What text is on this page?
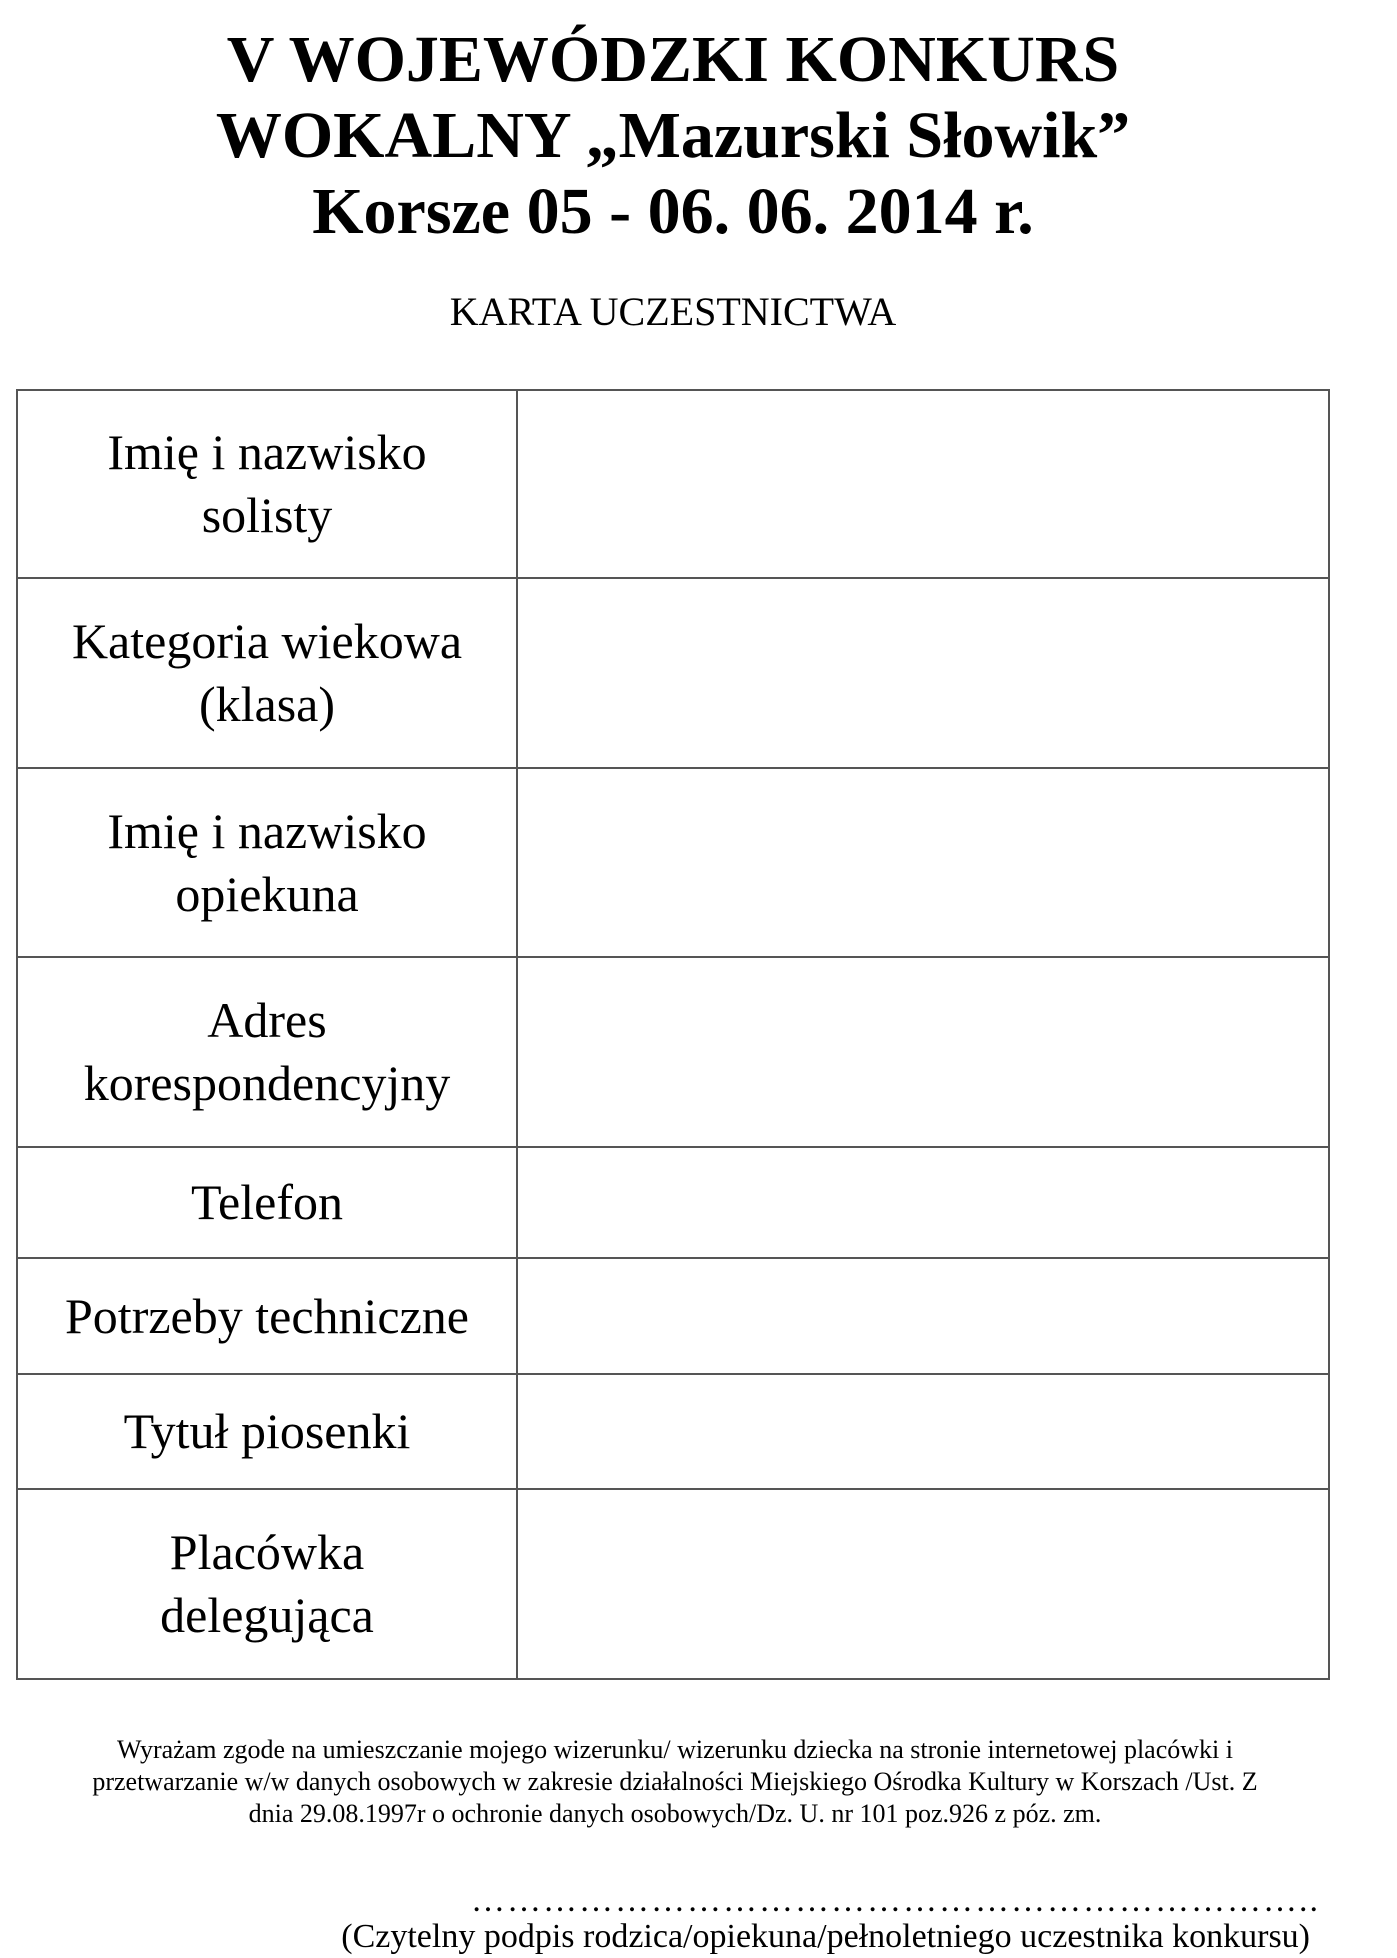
V WOJEWÓDZKI KONKURS
WOKALNY „Mazurski Słowik”
Korsze 05 - 06. 06. 2014 r.
KARTA UCZESTNICTWA
Imię i nazwisko
solisty	

Kategoria wiekowa
(klasa)	

Imię i nazwisko
opiekuna	

Adres
korespondencyjny	

Telefon	

Potrzeby techniczne	

Tytuł piosenki	

Placówka
delegująca	

Wyrażam zgode na umieszczanie mojego wizerunku/ wizerunku dziecka na stronie internetowej placówki i
przetwarzanie w/w danych osobowych w zakresie działalności Miejskiego Ośrodka Kultury w Korszach /Ust. Z
dnia 29.08.1997r o ochronie danych osobowych/Dz. U. nr 101 poz.926 z póz. zm.
……………………………………………………………..
(Czytelny podpis rodzica/opiekuna/pełnoletniego uczestnika konkursu)
